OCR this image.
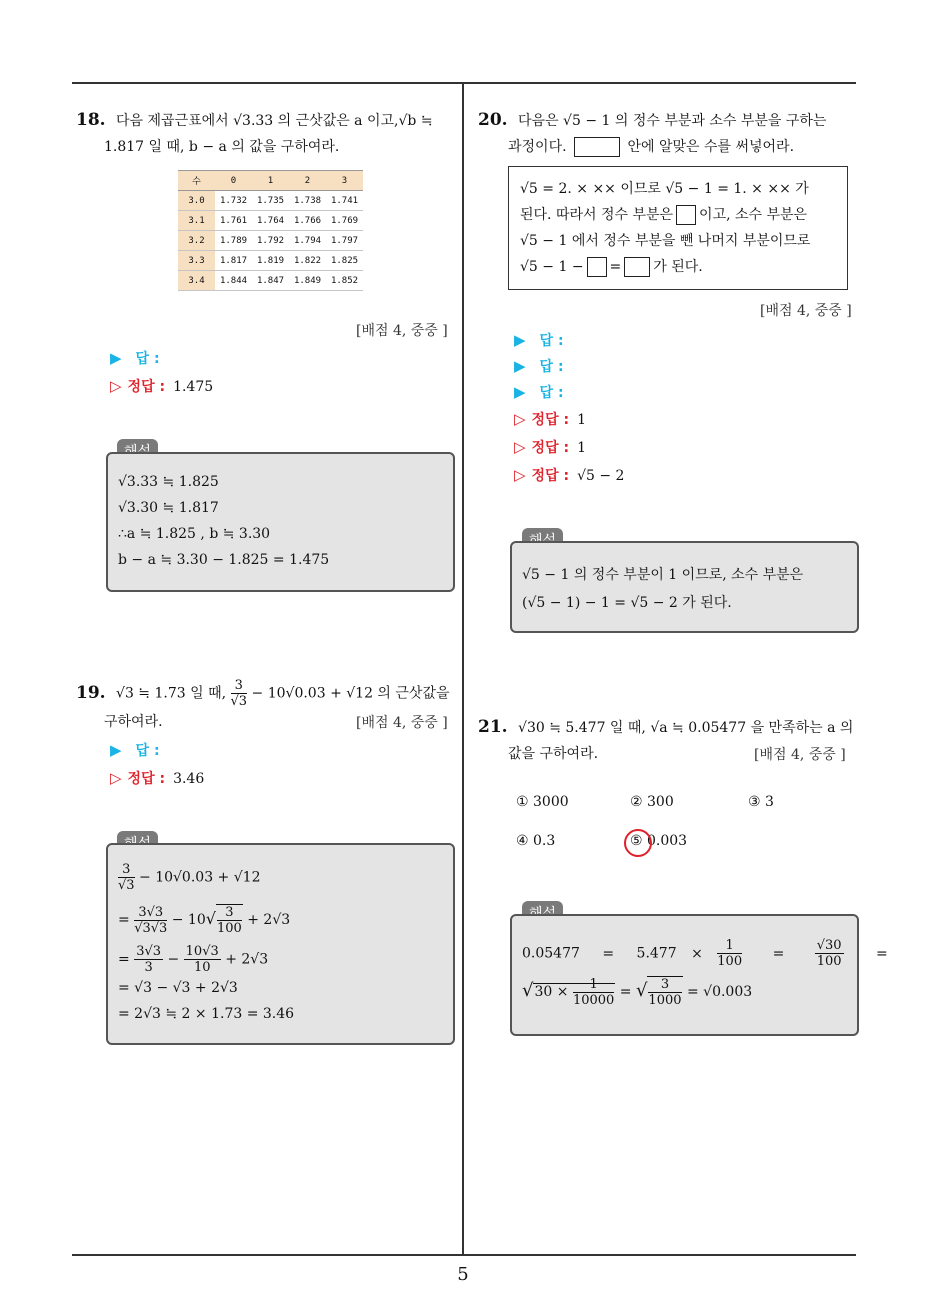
18. 다음 제곱근표에서 √3.33 의 근삿값은 a 이고,√b ≒
1.817 일 때, b − a 의 값을 구하여라.
수	0	1	2	3
3.0	1.732	1.735	1.738	1.741
3.1	1.761	1.764	1.766	1.769
3.2	1.789	1.792	1.794	1.797
3.3	1.817	1.819	1.822	1.825
3.4	1.844	1.847	1.849	1.852
[배점 4, 중중 ]
▶ 답 :
▷ 정답 : 1.475
√3.33 ≒ 1.825
√3.30 ≒ 1.817
∴a ≒ 1.825 , b ≒ 3.30
b − a ≒ 3.30 − 1.825 = 1.475
19. √3 ≒ 1.73 일 때, $\frac{3}{√3} - 10√0.03 + √12$ 의 근삿값을
구하여라.	[배점 4, 중중 ]
▶ 답 :
▷ 정답 : 3.46
$\frac{3}{√3} - 10√0.03 + √12$
= $\frac{3√3}{√3√3} - 10√ \frac{3}{100} + 2√3$
= $\frac{3√3}{3} - \frac{10√3}{10} + 2√3$
= √3 − √3 + 2√3
= 2√3 ≒ 2 × 1.73 = 3.46
20. 다음은 √5 − 1 의 정수 부분과 소수 부분을 구하는
과정이다.	안에 알맞은 수를 써넣어라.
√5 = 2. × ×× 이므로 √5 − 1 = 1. × ×× 가
된다. 따라서 정수 부분은 이고, 소수 부분은
√5 − 1 에서 정수 부분을 뺀 나머지 부분이므로
√5 − 1 − = 가 된다.
[배점 4, 중중 ]
▶ 답 :
▶ 답 :
▶ 답 :
▷ 정답 : 1
▷ 정답 : 1
▷ 정답 : √5 − 2
√5 − 1 의 정수 부분이 1 이므로, 소수 부분은
(√5 − 1) − 1 = √5 − 2 가 된다.
21. √30 ≒ 5.477 일 때, √a ≒ 0.05477 을 만족하는 a 의
값을 구하여라.	[배점 4, 중중 ]
① 3000	② 300	③ 3
④ 0.3	⑤ 0.003
$0.05477 = 5.477 \times \frac{1}{100} = \frac{√30}{100}$ =
$√30 \times \frac{1}{10000}$ = √ $\frac{3}{1000} = √0.003$
5
